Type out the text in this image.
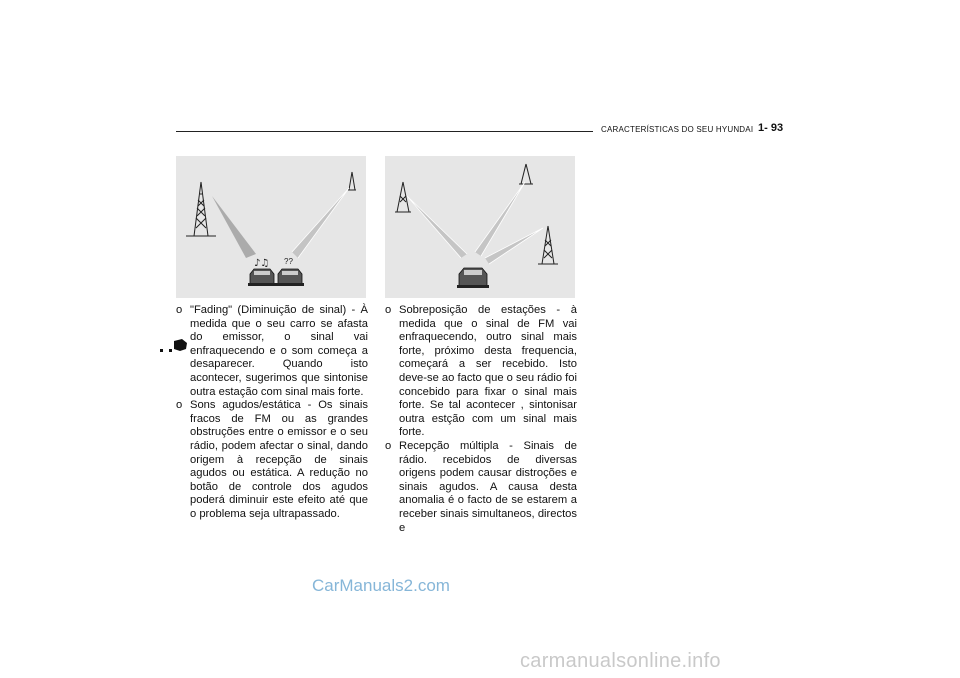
CARACTERÍSTICAS DO SEU HYUNDAI 1- 93
♪♫ ??

o "Fading" (Diminuição de sinal) - À medida que o seu carro se afasta do emissor, o sinal vai enfraquecendo e o som começa a desaparecer. Quando isto acontecer, sugerimos que sintonise outra estação com sinal mais forte.

o Sons agudos/estática - Os sinais fracos de FM ou as grandes obstruções entre o emissor e o seu rádio, podem afectar o sinal, dando origem à recepção de sinais agudos ou estática. A redução no botão de controle dos agudos poderá diminuir este efeito até que o problema seja ultrapassado.

o Sobreposição de estações - à medida que o sinal de FM vai enfraquecendo, outro sinal mais forte, próximo desta frequencia, começará a ser recebido. Isto deve-se ao facto que o seu rádio foi concebido para fixar o sinal mais forte. Se tal acontecer , sintonisar outra estção com um sinal mais forte.

o Recepção múltipla - Sinais de rádio. recebidos de diversas origens podem causar distroções e sinais agudos. A causa desta anomalia é o facto de se estarem a receber sinais simultaneos, directos e

CarManuals2.com
carmanualsonline.info
